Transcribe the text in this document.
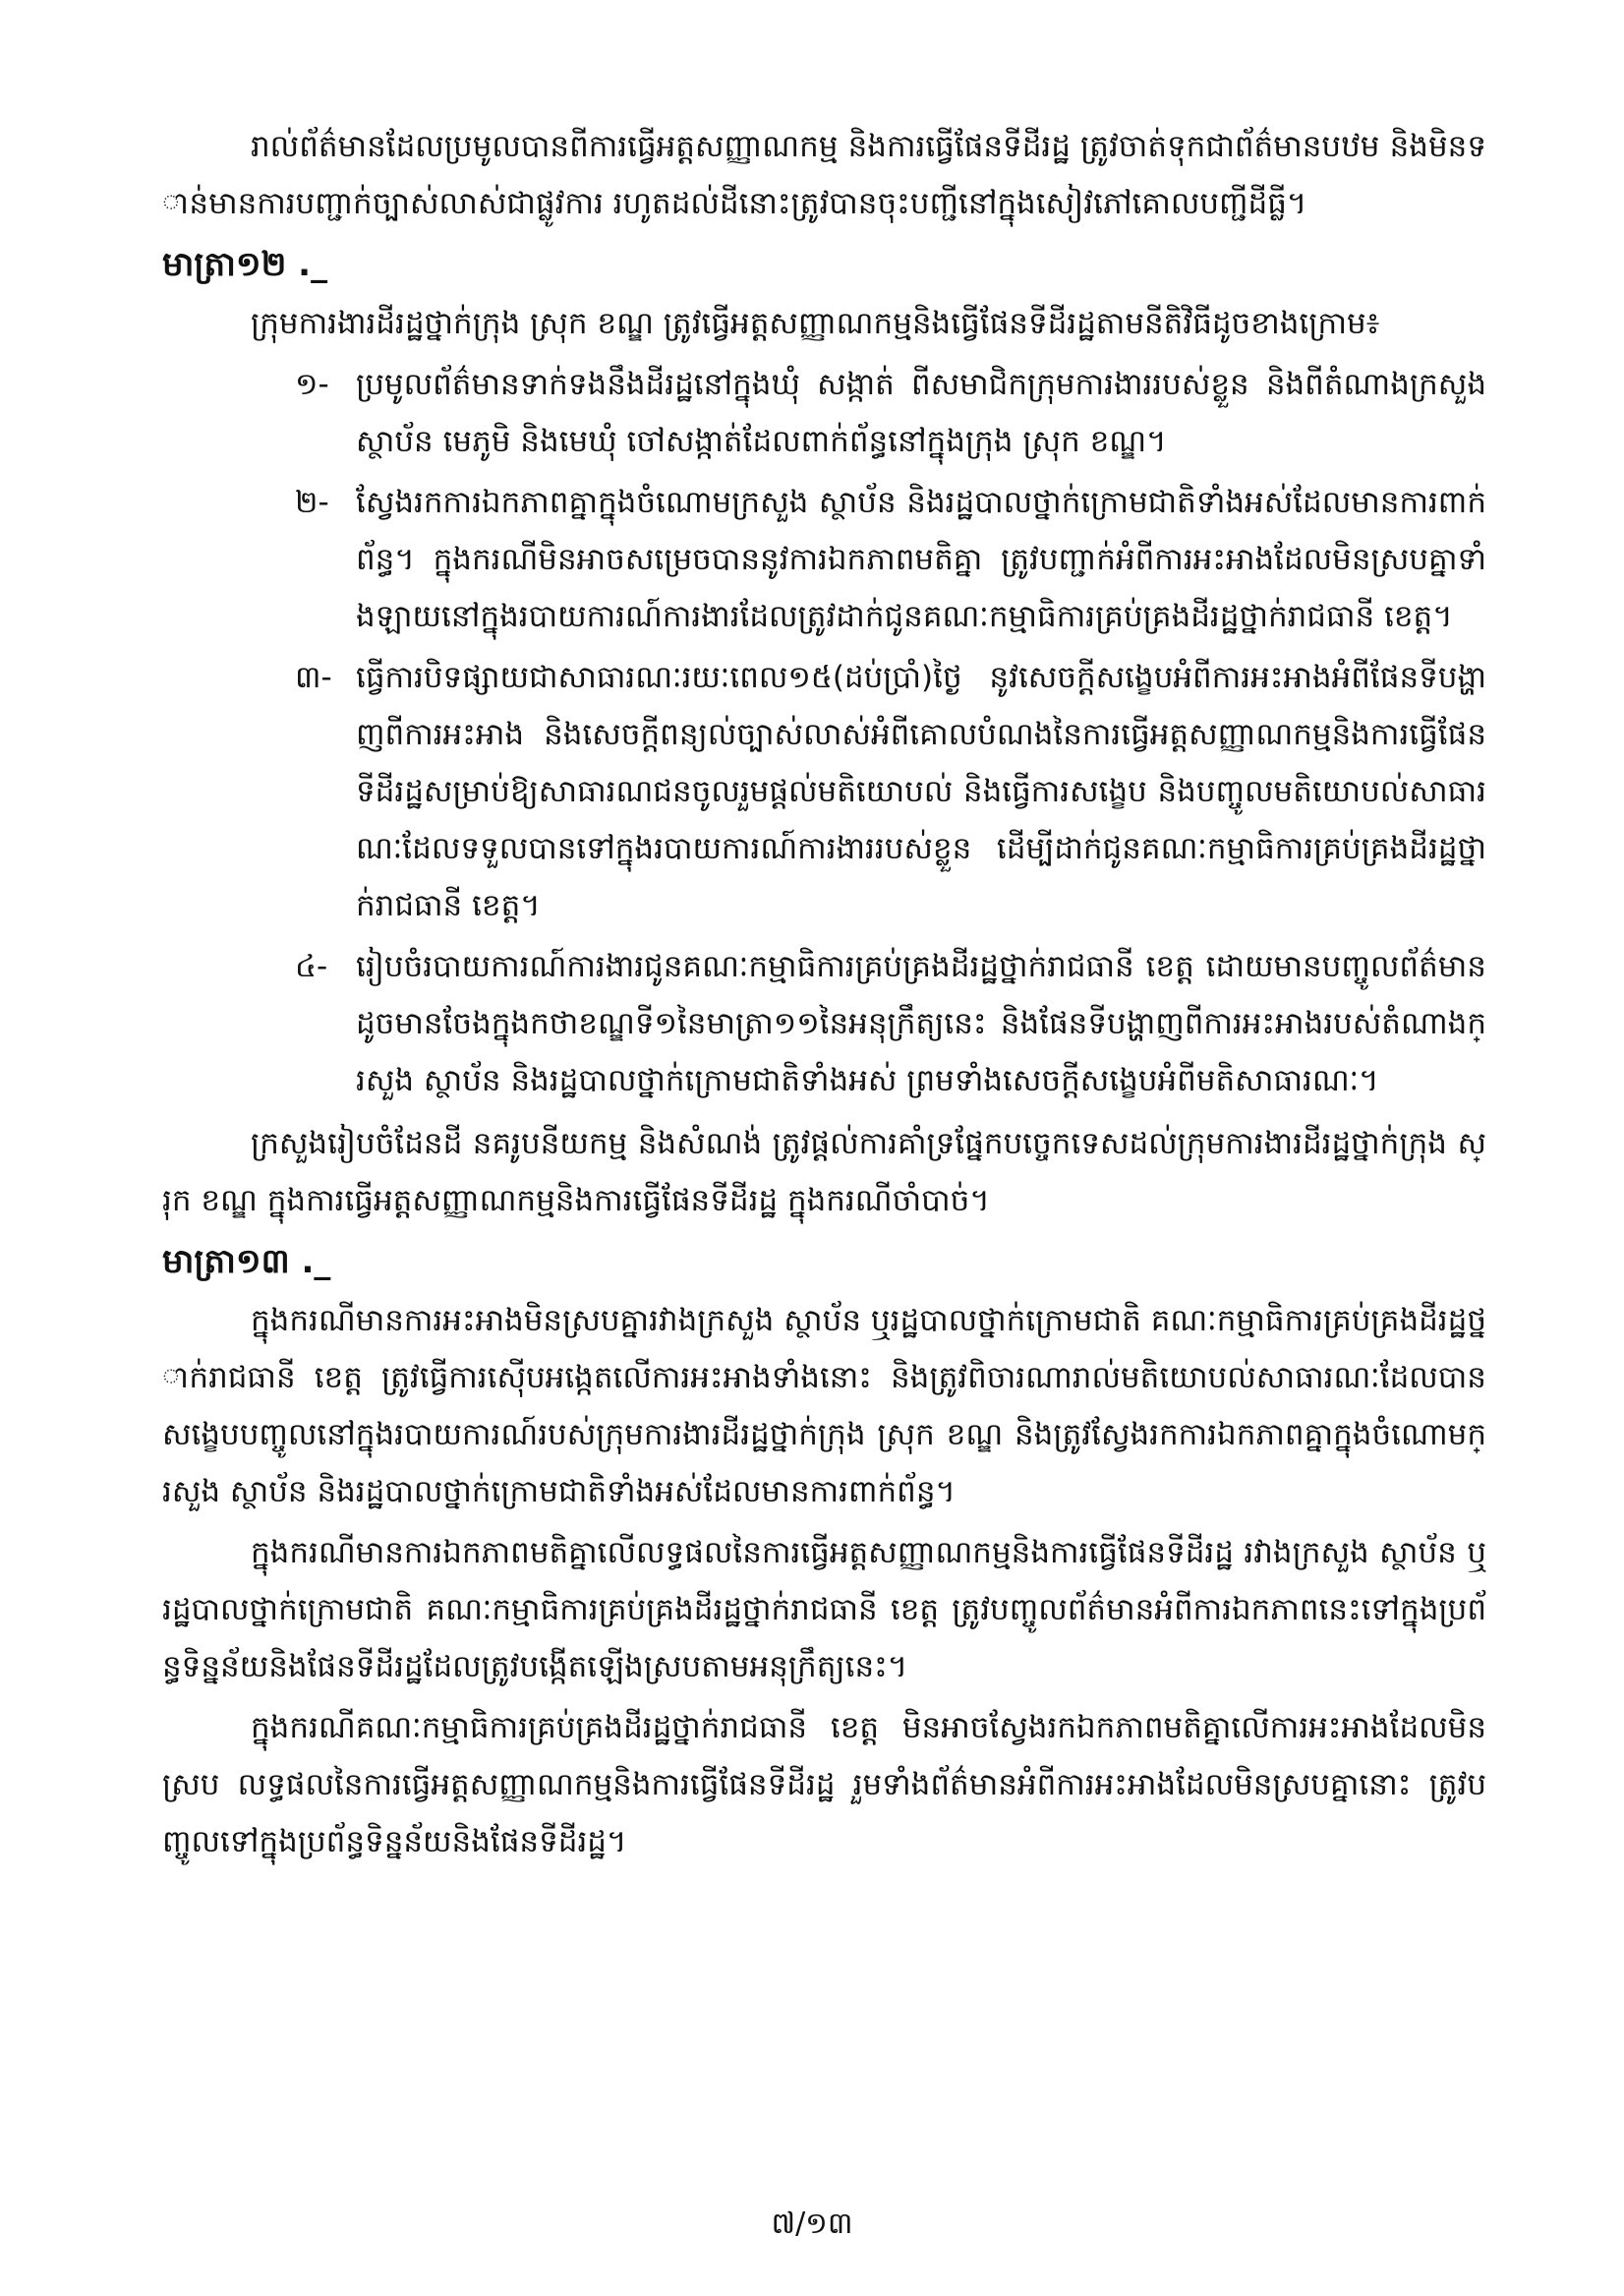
រាល់ព័ត៌មានដែលប្រមូលបានពីការធ្វើអត្តសញ្ញាណកម្ម និងការធ្វើផែនទីដីរដ្ឋ ត្រូវចាត់ទុកជាព័ត៌មានបឋម និងមិនទាន់មានការបញ្ជាក់ច្បាស់លាស់ជាផ្លូវការ រហូតដល់ដីនោះត្រូវបានចុះបញ្ជីនៅក្នុងសៀវភៅគោលបញ្ជីដីធ្លី។

មាត្រា១២ ._

ក្រុមការងារដីរដ្ឋថ្នាក់ក្រុង ស្រុក ខណ្ឌ ត្រូវធ្វើអត្តសញ្ញាណកម្មនិងធ្វើផែនទីដីរដ្ឋតាមនីតិវិធីដូចខាងក្រោម៖

១- ប្រមូលព័ត៌មានទាក់ទងនឹងដីរដ្ឋនៅក្នុងឃុំ សង្កាត់ ពីសមាជិកក្រុមការងាររបស់ខ្លួន និងពីតំណាងក្រសួង ស្ថាប័ន មេភូមិ និងមេឃុំ ចៅសង្កាត់ដែលពាក់ព័ន្ធនៅក្នុងក្រុង ស្រុក ខណ្ឌ។
២- ស្វែងរកការឯកភាពគ្នាក្នុងចំណោមក្រសួង ស្ថាប័ន និងរដ្ឋបាលថ្នាក់ក្រោមជាតិទាំងអស់ដែលមានការពាក់ព័ន្ធ។ ក្នុងករណីមិនអាចសម្រេចបាននូវការឯកភាពមតិគ្នា ត្រូវបញ្ជាក់អំពីការអះអាងដែលមិនស្របគ្នាទាំងឡាយនៅក្នុងរបាយការណ៍ការងារដែលត្រូវដាក់ជូនគណៈកម្មាធិការគ្រប់គ្រងដីរដ្ឋថ្នាក់រាជធានី ខេត្ត។
៣- ធ្វើការបិទផ្សាយជាសាធារណៈរយៈពេល១៥(ដប់ប្រាំ)ថ្ងៃ នូវសេចក្តីសង្ខេបអំពីការអះអាងអំពីផែនទីបង្ហាញពីការអះអាង និងសេចក្តីពន្យល់ច្បាស់លាស់អំពីគោលបំណងនៃការធ្វើអត្តសញ្ញាណកម្មនិងការធ្វើផែនទីដីរដ្ឋសម្រាប់ឱ្យសាធារណជនចូលរួមផ្តល់មតិយោបល់ និងធ្វើការសង្ខេប និងបញ្ចូលមតិយោបល់សាធារណៈដែលទទួលបានទៅក្នុងរបាយការណ៍ការងាររបស់ខ្លួន ដើម្បីដាក់ជូនគណៈកម្មាធិការគ្រប់គ្រងដីរដ្ឋថ្នាក់រាជធានី ខេត្ត។
៤- រៀបចំរបាយការណ៍ការងារជូនគណៈកម្មាធិការគ្រប់គ្រងដីរដ្ឋថ្នាក់រាជធានី ខេត្ត ដោយមានបញ្ចូលព័ត៌មានដូចមានចែងក្នុងកថាខណ្ឌទី១នៃមាត្រា១១នៃអនុក្រឹត្យនេះ និងផែនទីបង្ហាញពីការអះអាងរបស់តំណាងក្រសួង ស្ថាប័ន និងរដ្ឋបាលថ្នាក់ក្រោមជាតិទាំងអស់ ព្រមទាំងសេចក្តីសង្ខេបអំពីមតិសាធារណៈ។

ក្រសួងរៀបចំដែនដី នគរូបនីយកម្ម និងសំណង់ ត្រូវផ្តល់ការគាំទ្រផ្នែកបច្ចេកទេសដល់ក្រុមការងារដីរដ្ឋថ្នាក់ក្រុង ស្រុក ខណ្ឌ ក្នុងការធ្វើអត្តសញ្ញាណកម្មនិងការធ្វើផែនទីដីរដ្ឋ ក្នុងករណីចាំបាច់។

មាត្រា១៣ ._

ក្នុងករណីមានការអះអាងមិនស្របគ្នារវាងក្រសួង ស្ថាប័ន ឬរដ្ឋបាលថ្នាក់ក្រោមជាតិ គណៈកម្មាធិការគ្រប់គ្រងដីរដ្ឋថ្នាក់រាជធានី ខេត្ត ត្រូវធ្វើការស៊ើបអង្កេតលើការអះអាងទាំងនោះ និងត្រូវពិចារណារាល់មតិយោបល់សាធារណៈដែលបានសង្ខេបបញ្ចូលនៅក្នុងរបាយការណ៍របស់ក្រុមការងារដីរដ្ឋថ្នាក់ក្រុង ស្រុក ខណ្ឌ និងត្រូវស្វែងរកការឯកភាពគ្នាក្នុងចំណោមក្រសួង ស្ថាប័ន និងរដ្ឋបាលថ្នាក់ក្រោមជាតិទាំងអស់ដែលមានការពាក់ព័ន្ធ។

ក្នុងករណីមានការឯកភាពមតិគ្នាលើលទ្ធផលនៃការធ្វើអត្តសញ្ញាណកម្មនិងការធ្វើផែនទីដីរដ្ឋ រវាងក្រសួង ស្ថាប័ន ឬរដ្ឋបាលថ្នាក់ក្រោមជាតិ គណៈកម្មាធិការគ្រប់គ្រងដីរដ្ឋថ្នាក់រាជធានី ខេត្ត ត្រូវបញ្ចូលព័ត៌មានអំពីការឯកភាពនេះទៅក្នុងប្រព័ន្ធទិន្នន័យនិងផែនទីដីរដ្ឋដែលត្រូវបង្កើតឡើងស្របតាមអនុក្រឹត្យនេះ។

ក្នុងករណីគណៈកម្មាធិការគ្រប់គ្រងដីរដ្ឋថ្នាក់រាជធានី ខេត្ត មិនអាចស្វែងរកឯកភាពមតិគ្នាលើការអះអាងដែលមិនស្រប លទ្ធផលនៃការធ្វើអត្តសញ្ញាណកម្មនិងការធ្វើផែនទីដីរដ្ឋ រួមទាំងព័ត៌មានអំពីការអះអាងដែលមិនស្របគ្នានោះ ត្រូវបញ្ចូលទៅក្នុងប្រព័ន្ធទិន្នន័យនិងផែនទីដីរដ្ឋ។

៧/១៣
